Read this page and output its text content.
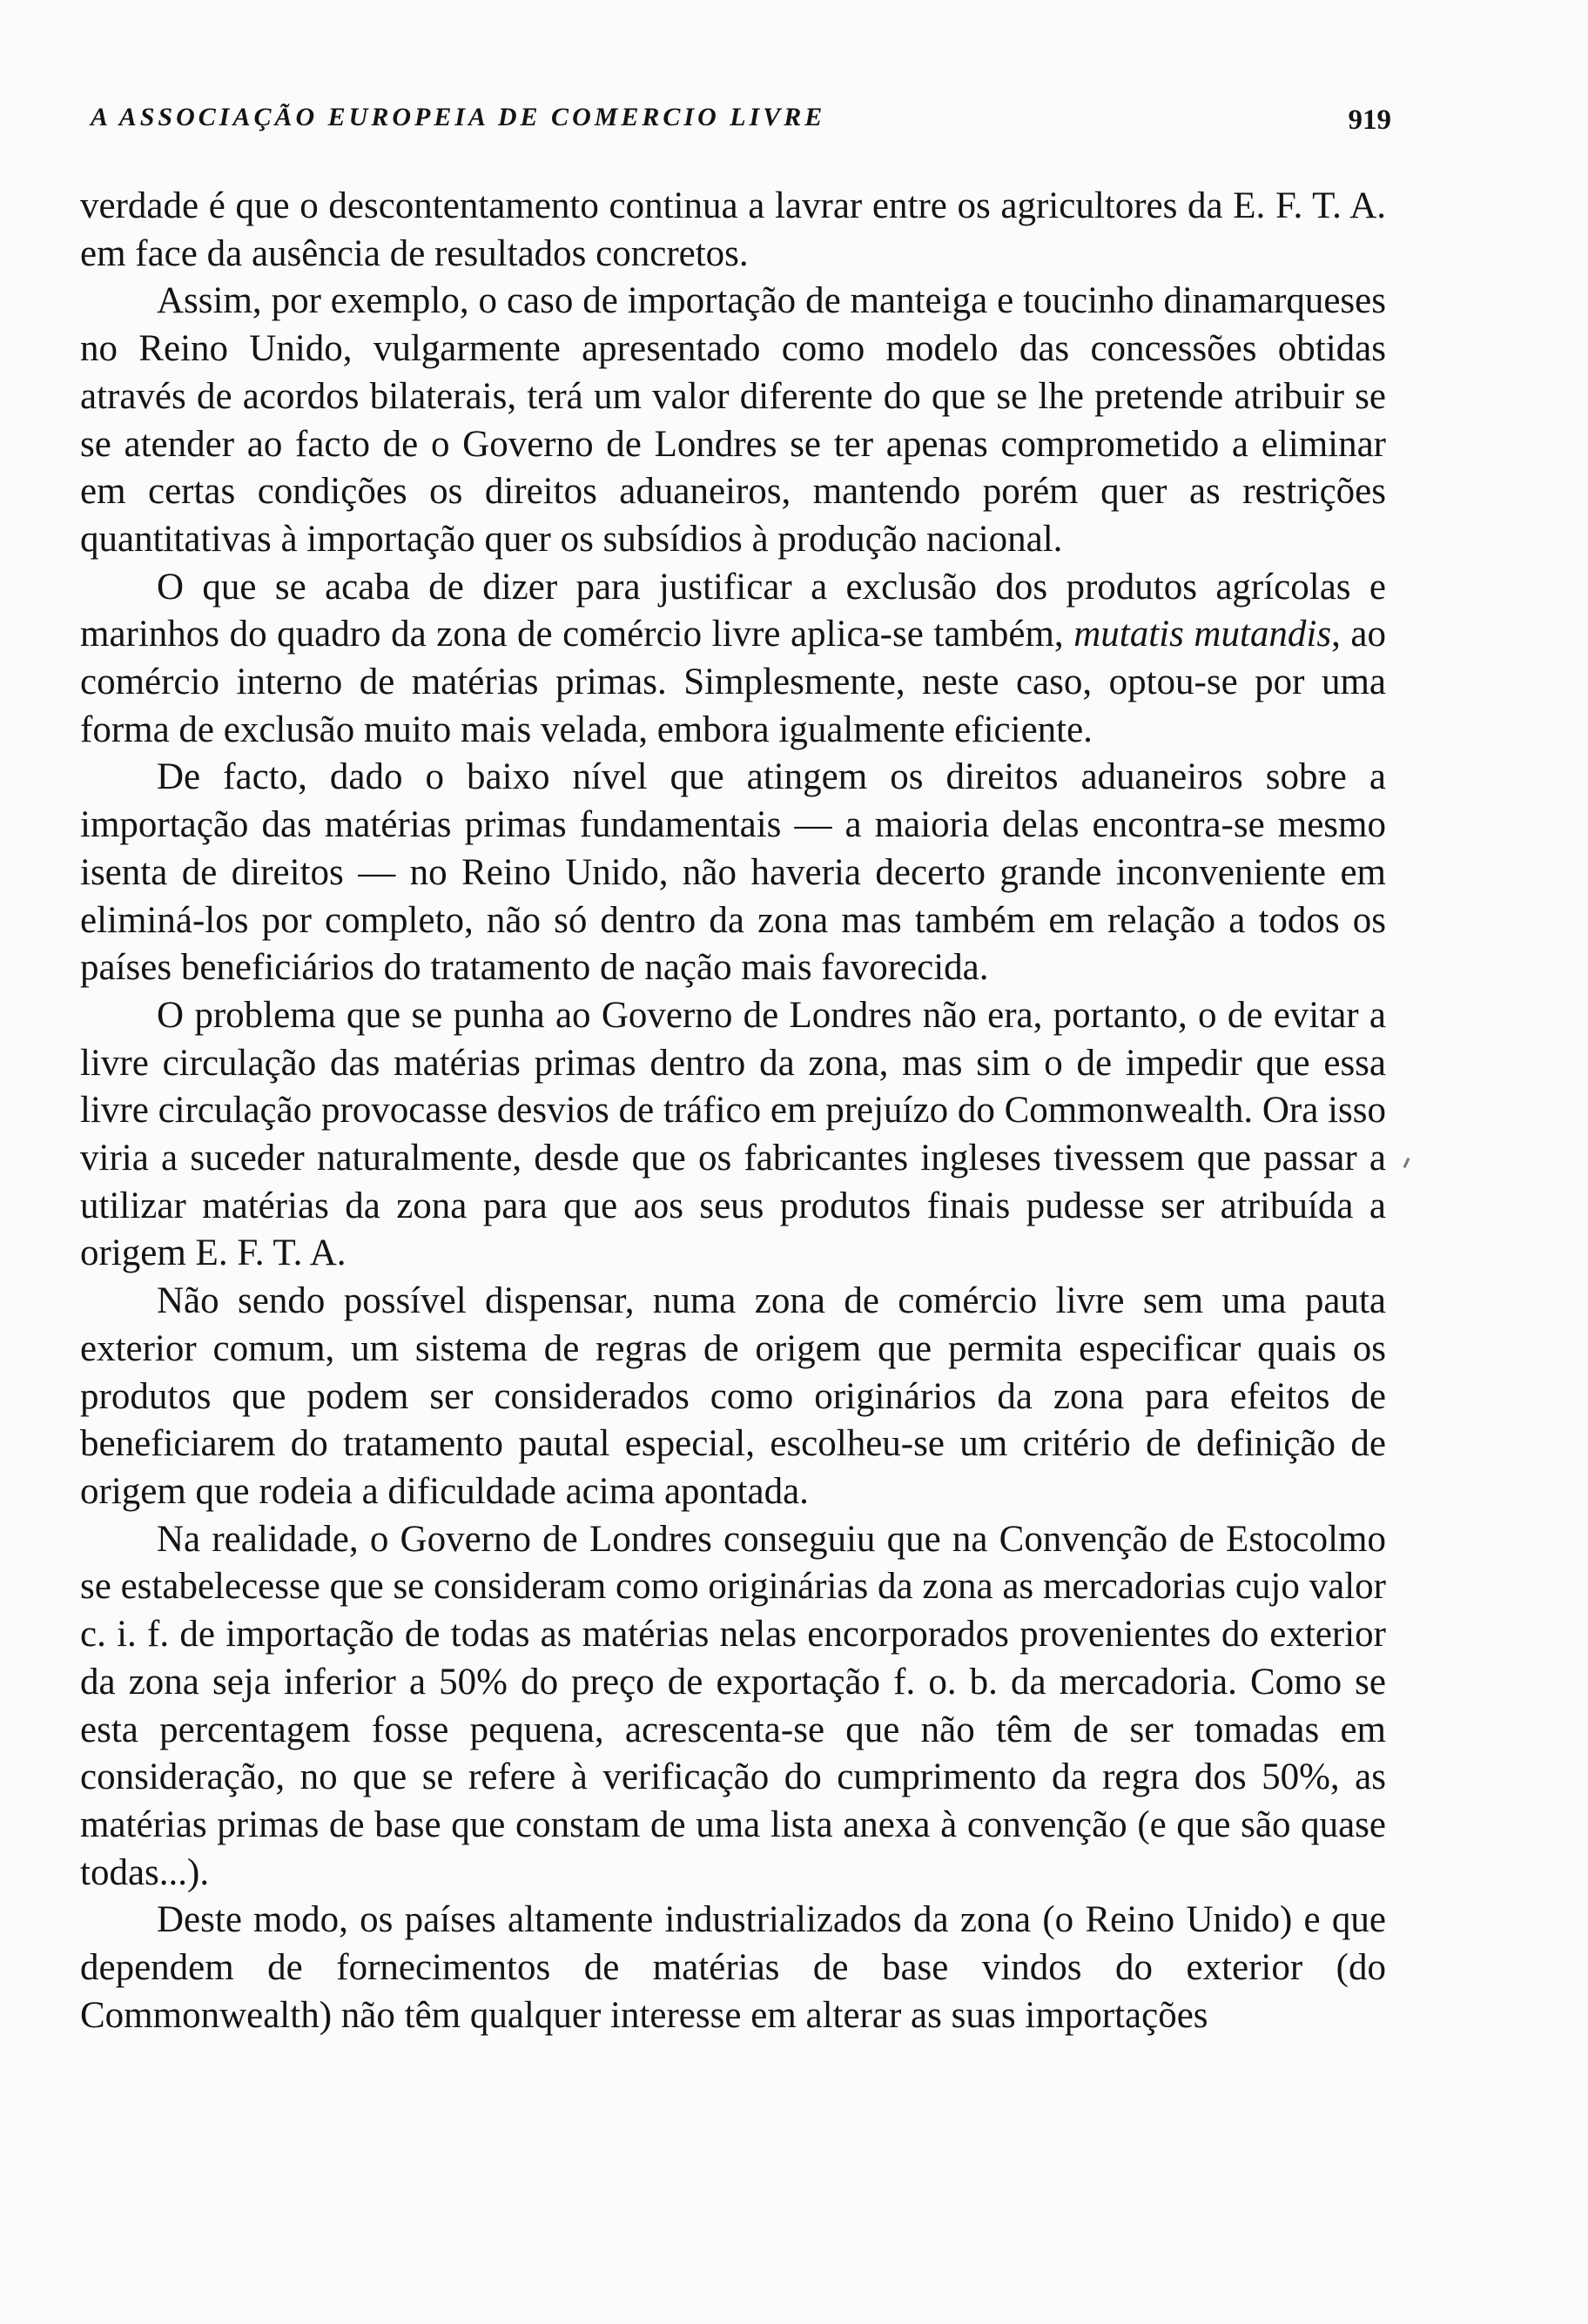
A ASSOCIAÇÃO EUROPEIA DE COMERCIO LIVRE	919

verdade é que o descontentamento continua a lavrar entre os agricultores da E. F. T. A. em face da ausência de resultados concretos.

Assim, por exemplo, o caso de importação de manteiga e toucinho dinamarqueses no Reino Unido, vulgarmente apresentado como modelo das concessões obtidas através de acordos bilaterais, terá um valor diferente do que se lhe pretende atribuir se se atender ao facto de o Governo de Londres se ter apenas comprometido a eliminar em certas condições os direitos aduaneiros, mantendo porém quer as restrições quantitativas à importação quer os subsídios à produção nacional.

O que se acaba de dizer para justificar a exclusão dos produtos agrícolas e marinhos do quadro da zona de comércio livre aplica-se também, mutatis mutandis, ao comércio interno de matérias primas. Simplesmente, neste caso, optou-se por uma forma de exclusão muito mais velada, embora igualmente eficiente.

De facto, dado o baixo nível que atingem os direitos aduaneiros sobre a importação das matérias primas fundamentais — a maioria delas encontra-se mesmo isenta de direitos — no Reino Unido, não haveria decerto grande inconveniente em eliminá-los por completo, não só dentro da zona mas também em relação a todos os países beneficiários do tratamento de nação mais favorecida.

O problema que se punha ao Governo de Londres não era, portanto, o de evitar a livre circulação das matérias primas dentro da zona, mas sim o de impedir que essa livre circulação provocasse desvios de tráfico em prejuízo do Commonwealth. Ora isso viria a suceder naturalmente, desde que os fabricantes ingleses tivessem que passar a utilizar matérias da zona para que aos seus produtos finais pudesse ser atribuída a origem E. F. T. A.

Não sendo possível dispensar, numa zona de comércio livre sem uma pauta exterior comum, um sistema de regras de origem que permita especificar quais os produtos que podem ser considerados como originários da zona para efeitos de beneficiarem do tratamento pautal especial, escolheu-se um critério de definição de origem que rodeia a dificuldade acima apontada.

Na realidade, o Governo de Londres conseguiu que na Convenção de Estocolmo se estabelecesse que se consideram como originárias da zona as mercadorias cujo valor c. i. f. de importação de todas as matérias nelas encorporados provenientes do exterior da zona seja inferior a 50% do preço de exportação f. o. b. da mercadoria. Como se esta percentagem fosse pequena, acrescenta-se que não têm de ser tomadas em consideração, no que se refere à verificação do cumprimento da regra dos 50%, as matérias primas de base que constam de uma lista anexa à convenção (e que são quase todas...).

Deste modo, os países altamente industrializados da zona (o Reino Unido) e que dependem de fornecimentos de matérias de base vindos do exterior (do Commonwealth) não têm qualquer interesse em alterar as suas importações
